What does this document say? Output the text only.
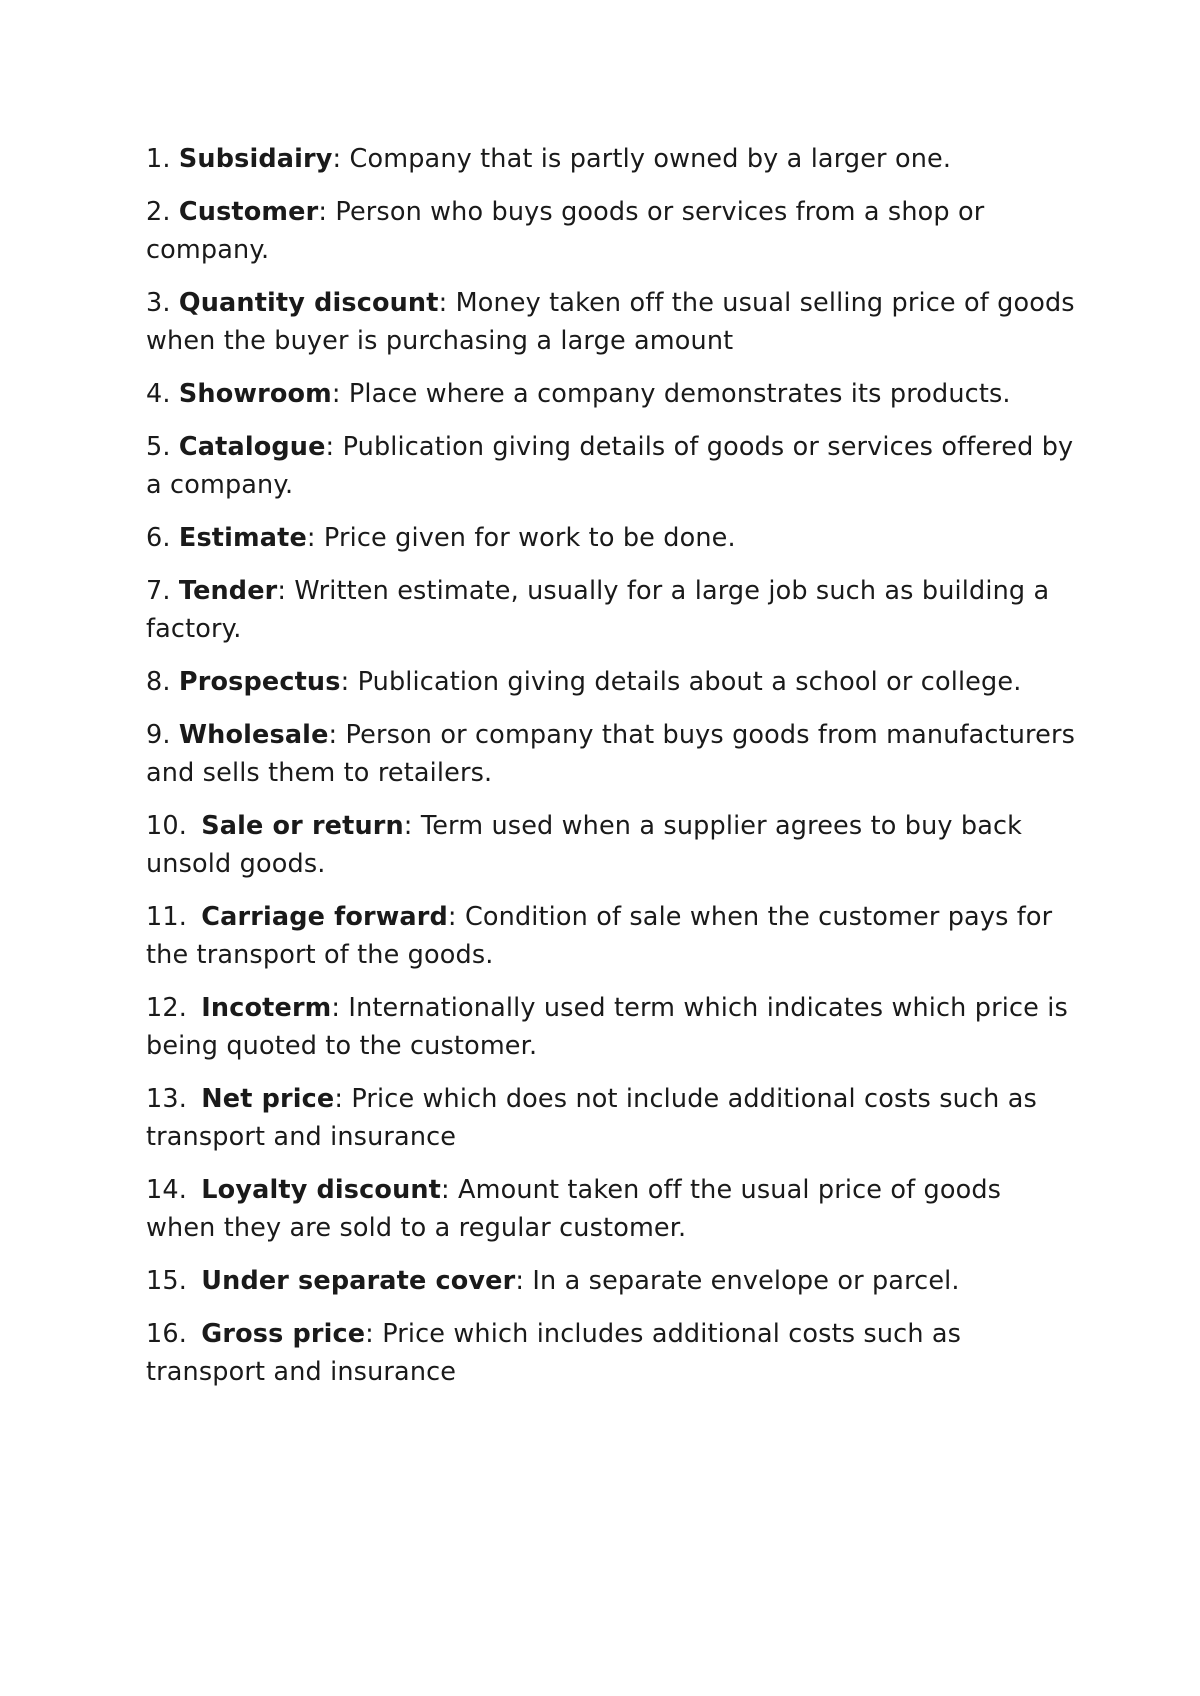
1. Subsidairy: Company that is partly owned by a larger one.
2. Customer: Person who buys goods or services from a shop or company.
3. Quantity discount: Money taken off the usual selling price of goods when the buyer is purchasing a large amount
4. Showroom: Place where a company demonstrates its products.
5. Catalogue: Publication giving details of goods or services offered by a company.
6. Estimate: Price given for work to be done.
7. Tender: Written estimate, usually for a large job such as building a factory.
8. Prospectus: Publication giving details about a school or college.
9. Wholesale: Person or company that buys goods from manufacturers and sells them to retailers.
10. Sale or return: Term used when a supplier agrees to buy back unsold goods.
11. Carriage forward: Condition of sale when the customer pays for the transport of the goods.
12. Incoterm: Internationally used term which indicates which price is being quoted to the customer.
13. Net price: Price which does not include additional costs such as transport and insurance
14. Loyalty discount: Amount taken off the usual price of goods when they are sold to a regular customer.
15. Under separate cover: In a separate envelope or parcel.
16. Gross price: Price which includes additional costs such as transport and insurance
